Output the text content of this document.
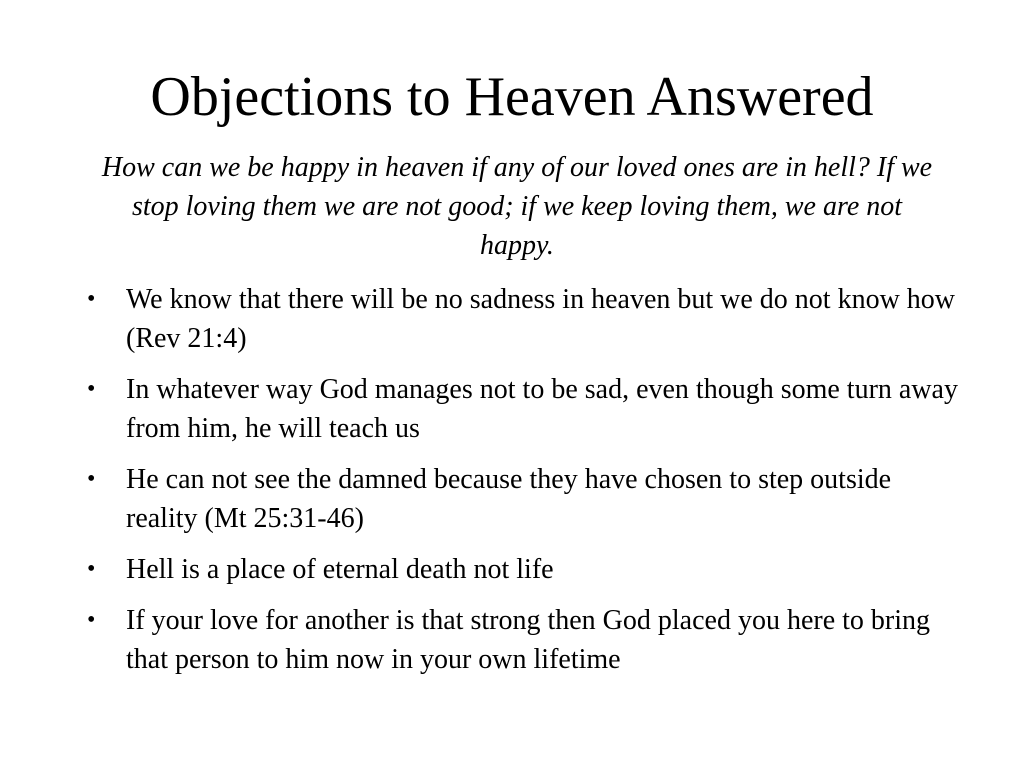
Objections to Heaven Answered
How can we be happy in heaven if any of our loved ones are in hell? If we stop loving them we are not good; if we keep loving them, we are not happy.
• We know that there will be no sadness in heaven but we do not know how (Rev 21:4)
• In whatever way God manages not to be sad, even though some turn away from him, he will teach us
• He can not see the damned because they have chosen to step outside reality (Mt 25:31-46)
• Hell is a place of eternal death not life
• If your love for another is that strong then God placed you here to bring that person to him now in your own lifetime
